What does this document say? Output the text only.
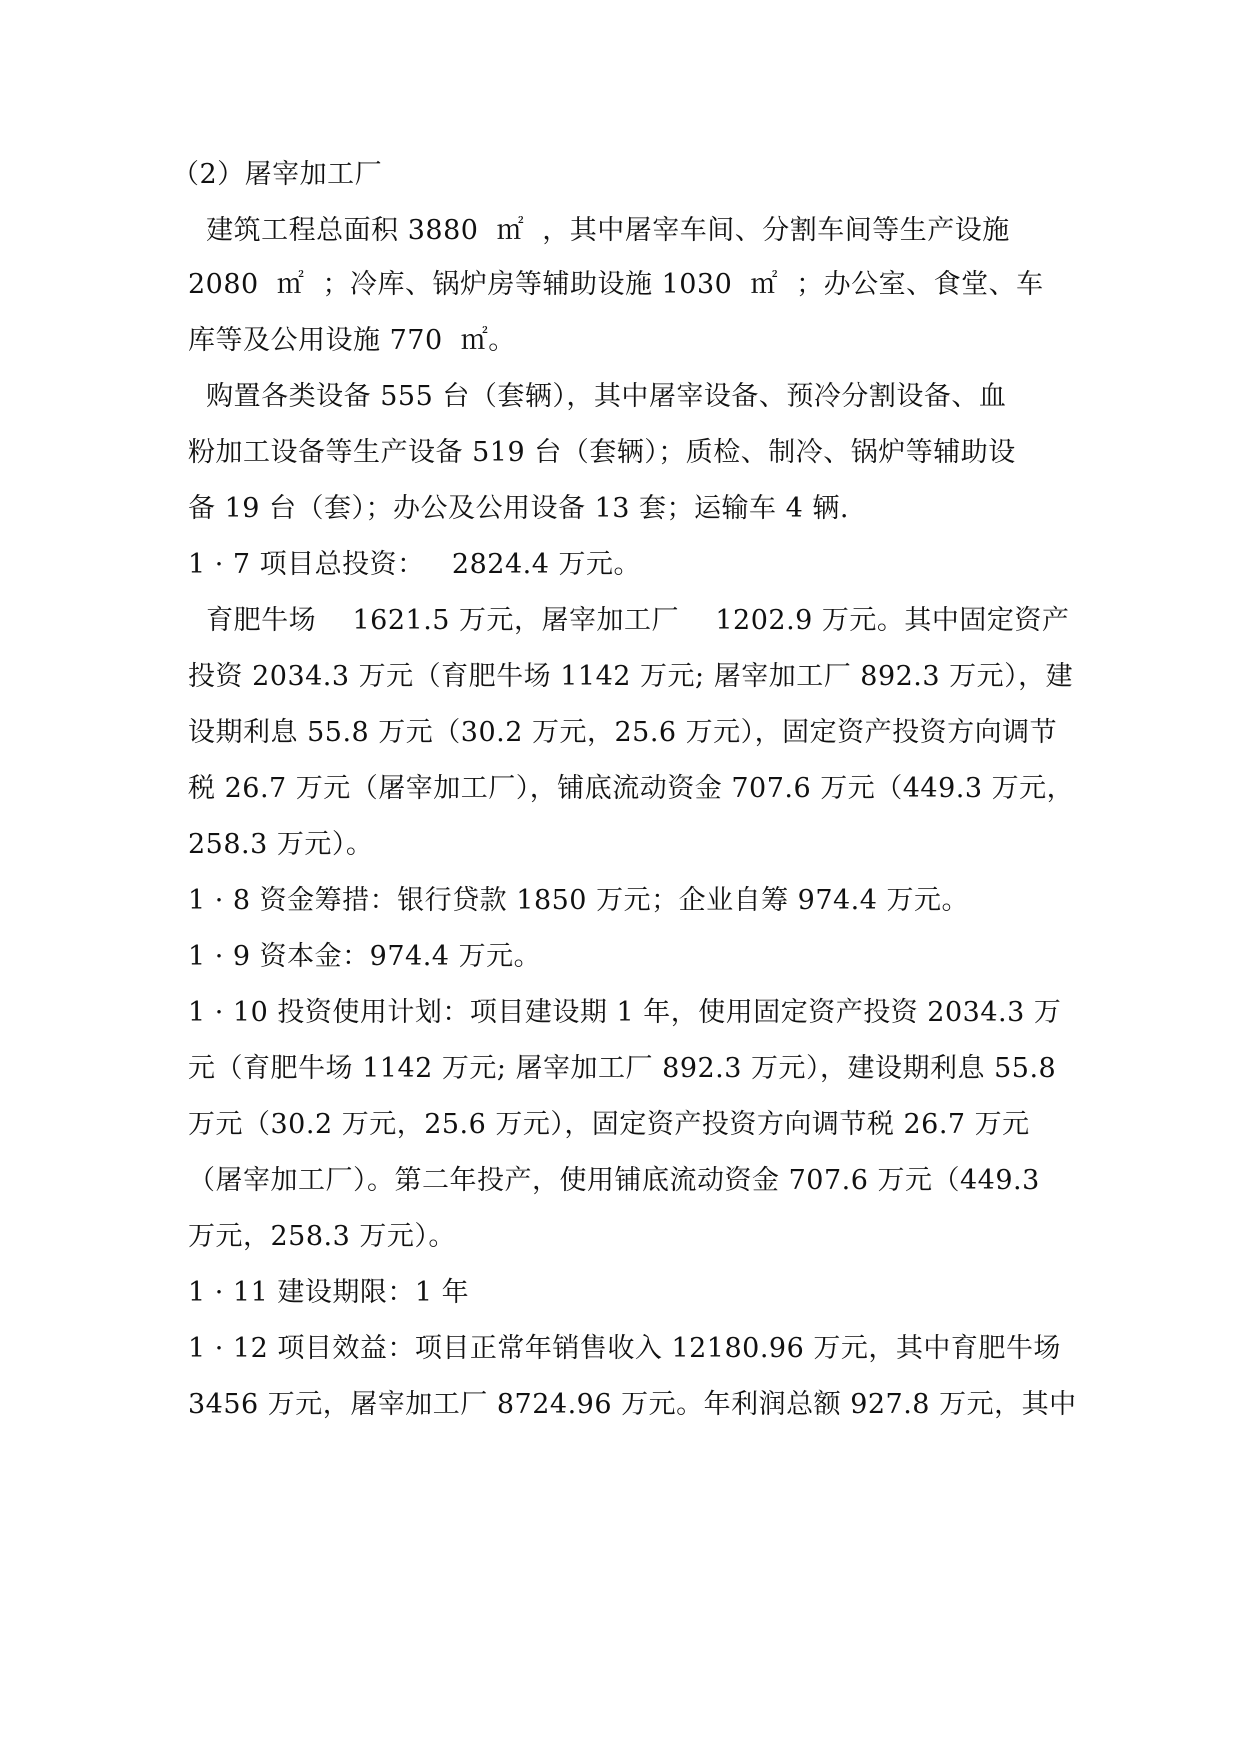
（2）屠宰加工厂
建筑工程总面积 3880  ㎡  ，其中屠宰车间、分割车间等生产设施
2080  ㎡  ；冷库、锅炉房等辅助设施 1030  ㎡  ；办公室、食堂、车
库等及公用设施 770  ㎡。
购置各类设备 555 台（套辆），其中屠宰设备、预冷分割设备、血
粉加工设备等生产设备 519 台（套辆）；质检、制冷、锅炉等辅助设
备 19 台（套）；办公及公用设备 13 套；运输车 4 辆.
1 · 7 项目总投资：   2824.4 万元。
育肥牛场    1621.5 万元，屠宰加工厂    1202.9 万元。其中固定资产
投资 2034.3 万元（育肥牛场 1142 万元; 屠宰加工厂 892.3 万元），建
设期利息 55.8 万元（30.2 万元，25.6 万元），固定资产投资方向调节
税 26.7 万元（屠宰加工厂），铺底流动资金 707.6 万元（449.3 万元，
258.3 万元）。
1 · 8 资金筹措：银行贷款 1850 万元；企业自筹 974.4 万元。
1 · 9 资本金：974.4 万元。
1 · 10 投资使用计划：项目建设期 1 年，使用固定资产投资 2034.3 万
元（育肥牛场 1142 万元; 屠宰加工厂 892.3 万元），建设期利息 55.8
万元（30.2 万元，25.6 万元），固定资产投资方向调节税 26.7 万元
（屠宰加工厂）。第二年投产，使用铺底流动资金 707.6 万元（449.3
万元，258.3 万元）。
1 · 11 建设期限：1 年
1 · 12 项目效益：项目正常年销售收入 12180.96 万元，其中育肥牛场
3456 万元，屠宰加工厂 8724.96 万元。年利润总额 927.8 万元，其中
